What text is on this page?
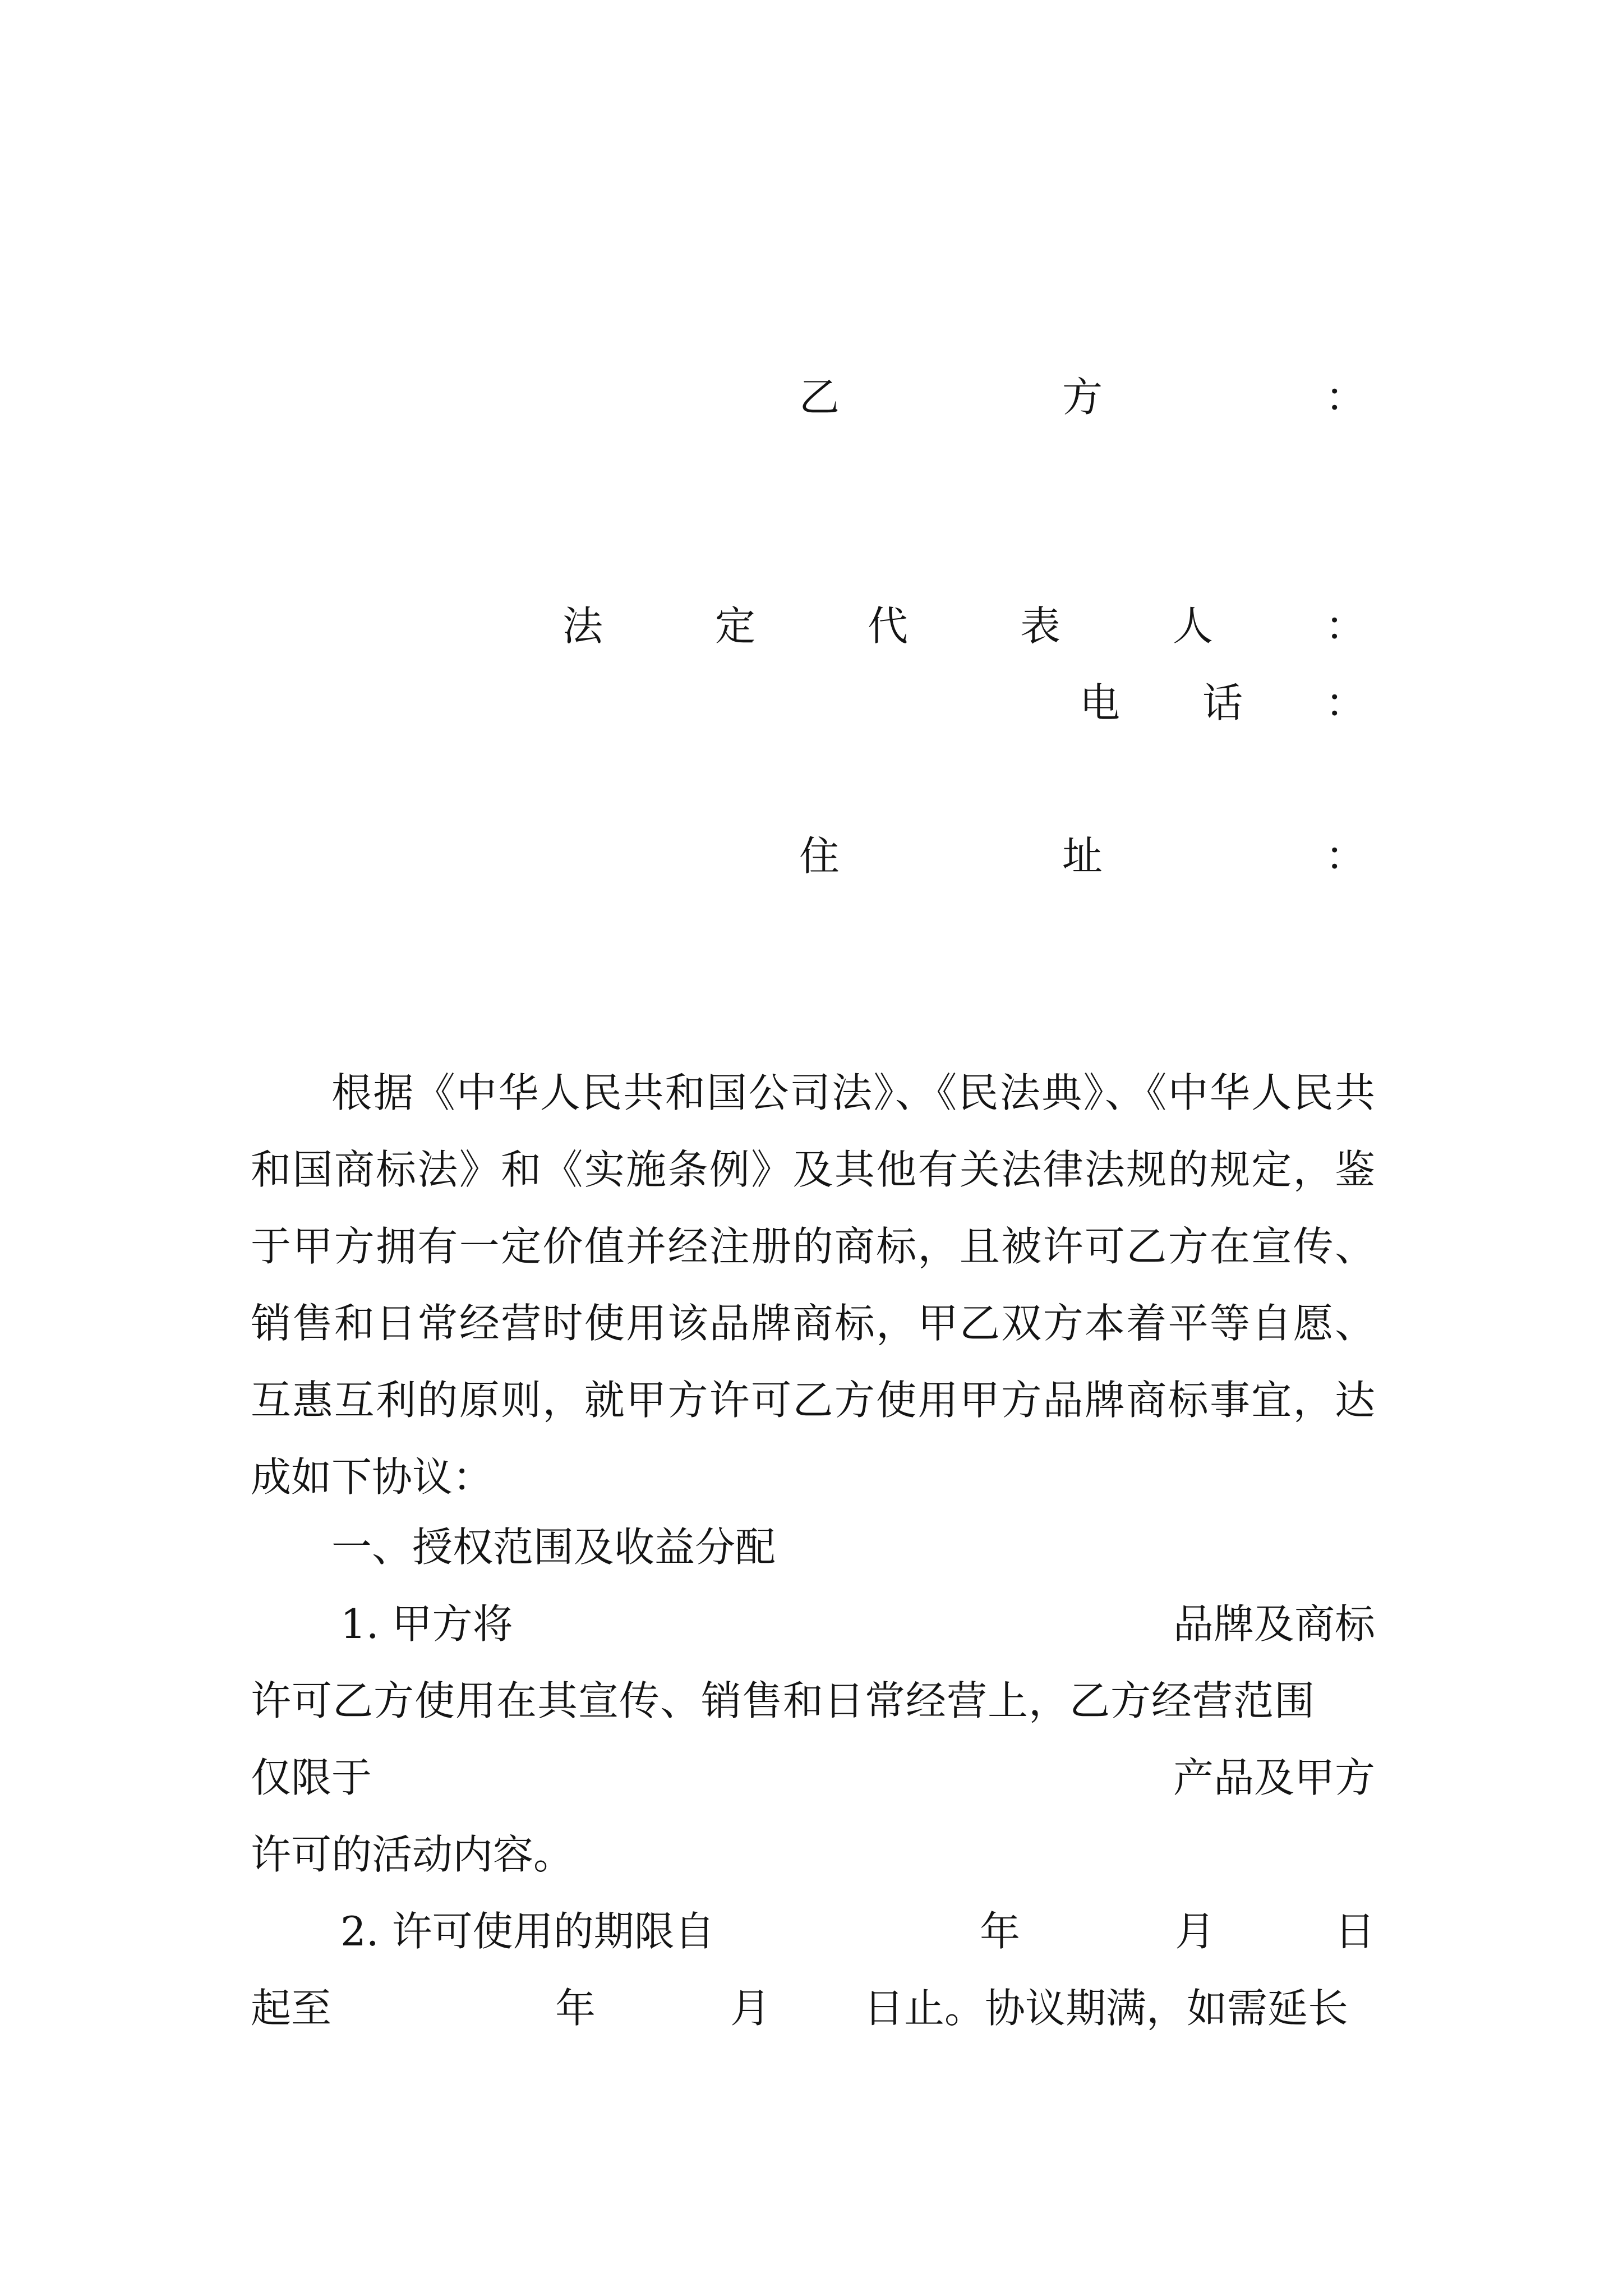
乙	方	：
法	定	代	表	人	：
电 话 ：
住	址	：
根据《中华人民共和国公司法》、《民法典》、《中华人民共和国商标法》和《实施条例》及其他有关法律法规的规定，鉴于甲方拥有一定价值并经注册的商标，且被许可乙方在宣传、销售和日常经营时使用该品牌商标，甲乙双方本着平等自愿、互惠互利的原则，就甲方许可乙方使用甲方品牌商标事宜，达成如下协议：
一、授权范围及收益分配
1. 甲方将	品牌及商标
许可乙方使用在其宣传、销售和日常经营上，乙方经营范围
仅限于	产品及甲方
许可的活动内容。
2. 许可使用的期限自	年	月	日
起至	年	月 日止。协议期满，如需延长
